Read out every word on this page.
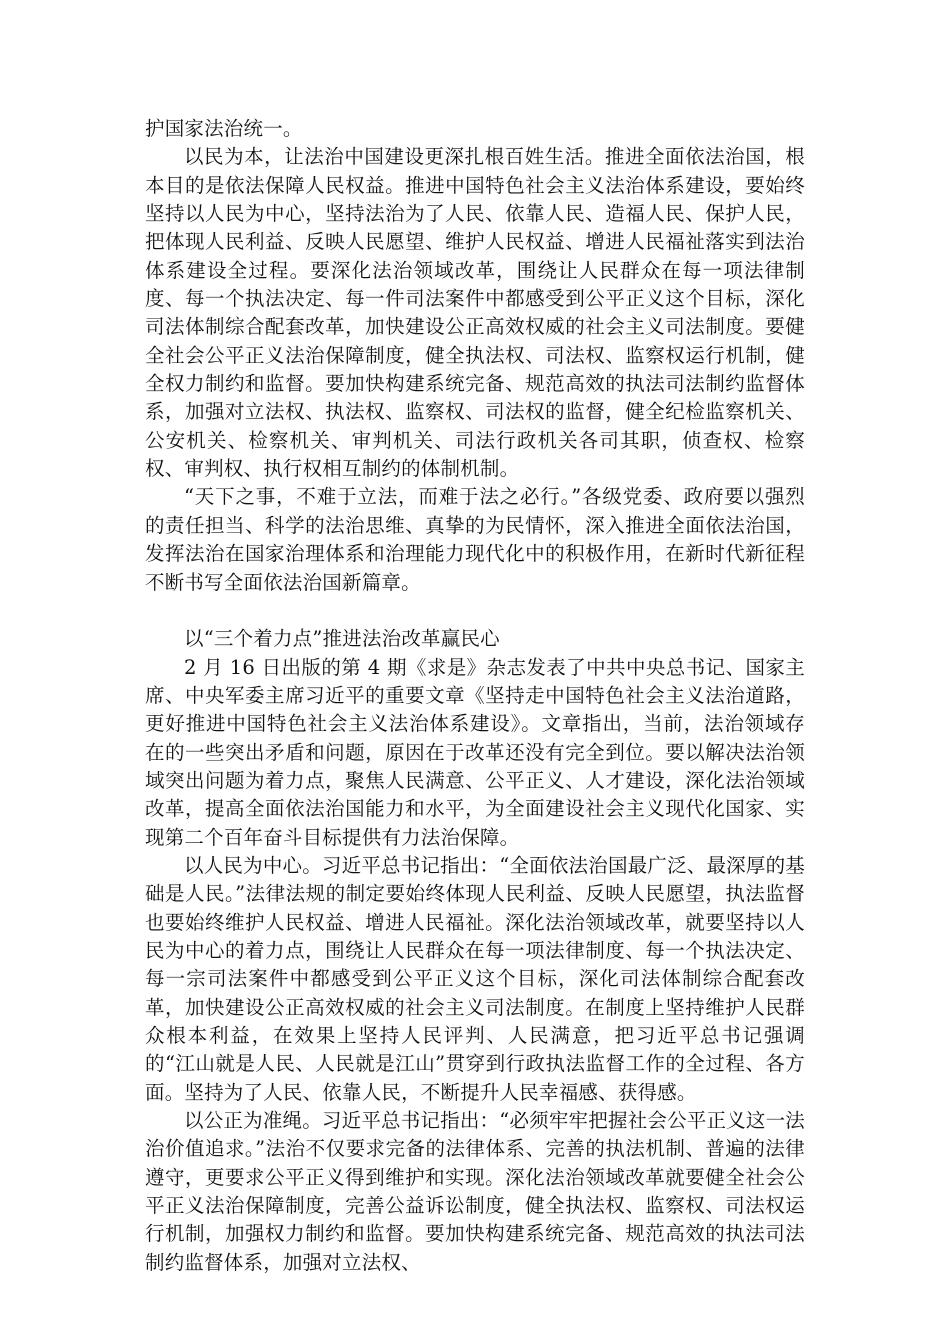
护国家法治统一。

以民为本，让法治中国建设更深扎根百姓生活。推进全面依法治国，根本目的是依法保障人民权益。推进中国特色社会主义法治体系建设，要始终坚持以人民为中心，坚持法治为了人民、依靠人民、造福人民、保护人民，把体现人民利益、反映人民愿望、维护人民权益、增进人民福祉落实到法治体系建设全过程。要深化法治领域改革，围绕让人民群众在每一项法律制度、每一个执法决定、每一件司法案件中都感受到公平正义这个目标，深化司法体制综合配套改革，加快建设公正高效权威的社会主义司法制度。要健全社会公平正义法治保障制度，健全执法权、司法权、监察权运行机制，健全权力制约和监督。要加快构建系统完备、规范高效的执法司法制约监督体系，加强对立法权、执法权、监察权、司法权的监督，健全纪检监察机关、公安机关、检察机关、审判机关、司法行政机关各司其职，侦查权、检察权、审判权、执行权相互制约的体制机制。

“天下之事，不难于立法，而难于法之必行。”各级党委、政府要以强烈的责任担当、科学的法治思维、真挚的为民情怀，深入推进全面依法治国，发挥法治在国家治理体系和治理能力现代化中的积极作用，在新时代新征程不断书写全面依法治国新篇章。

以“三个着力点”推进法治改革赢民心

2 月 16 日出版的第 4 期《求是》杂志发表了中共中央总书记、国家主席、中央军委主席习近平的重要文章《坚持走中国特色社会主义法治道路，更好推进中国特色社会主义法治体系建设》。文章指出，当前，法治领域存在的一些突出矛盾和问题，原因在于改革还没有完全到位。要以解决法治领域突出问题为着力点，聚焦人民满意、公平正义、人才建设，深化法治领域改革，提高全面依法治国能力和水平，为全面建设社会主义现代化国家、实现第二个百年奋斗目标提供有力法治保障。

以人民为中心。习近平总书记指出：“全面依法治国最广泛、最深厚的基础是人民。”法律法规的制定要始终体现人民利益、反映人民愿望，执法监督也要始终维护人民权益、增进人民福祉。深化法治领域改革，就要坚持以人民为中心的着力点，围绕让人民群众在每一项法律制度、每一个执法决定、每一宗司法案件中都感受到公平正义这个目标，深化司法体制综合配套改革，加快建设公正高效权威的社会主义司法制度。在制度上坚持维护人民群众根本利益，在效果上坚持人民评判、人民满意，把习近平总书记强调的“江山就是人民、人民就是江山”贯穿到行政执法监督工作的全过程、各方面。坚持为了人民、依靠人民，不断提升人民幸福感、获得感。

以公正为准绳。习近平总书记指出：“必须牢牢把握社会公平正义这一法治价值追求。”法治不仅要求完备的法律体系、完善的执法机制、普遍的法律遵守，更要求公平正义得到维护和实现。深化法治领域改革就要健全社会公平正义法治保障制度，完善公益诉讼制度，健全执法权、监察权、司法权运行机制，加强权力制约和监督。要加快构建系统完备、规范高效的执法司法制约监督体系，加强对立法权、
